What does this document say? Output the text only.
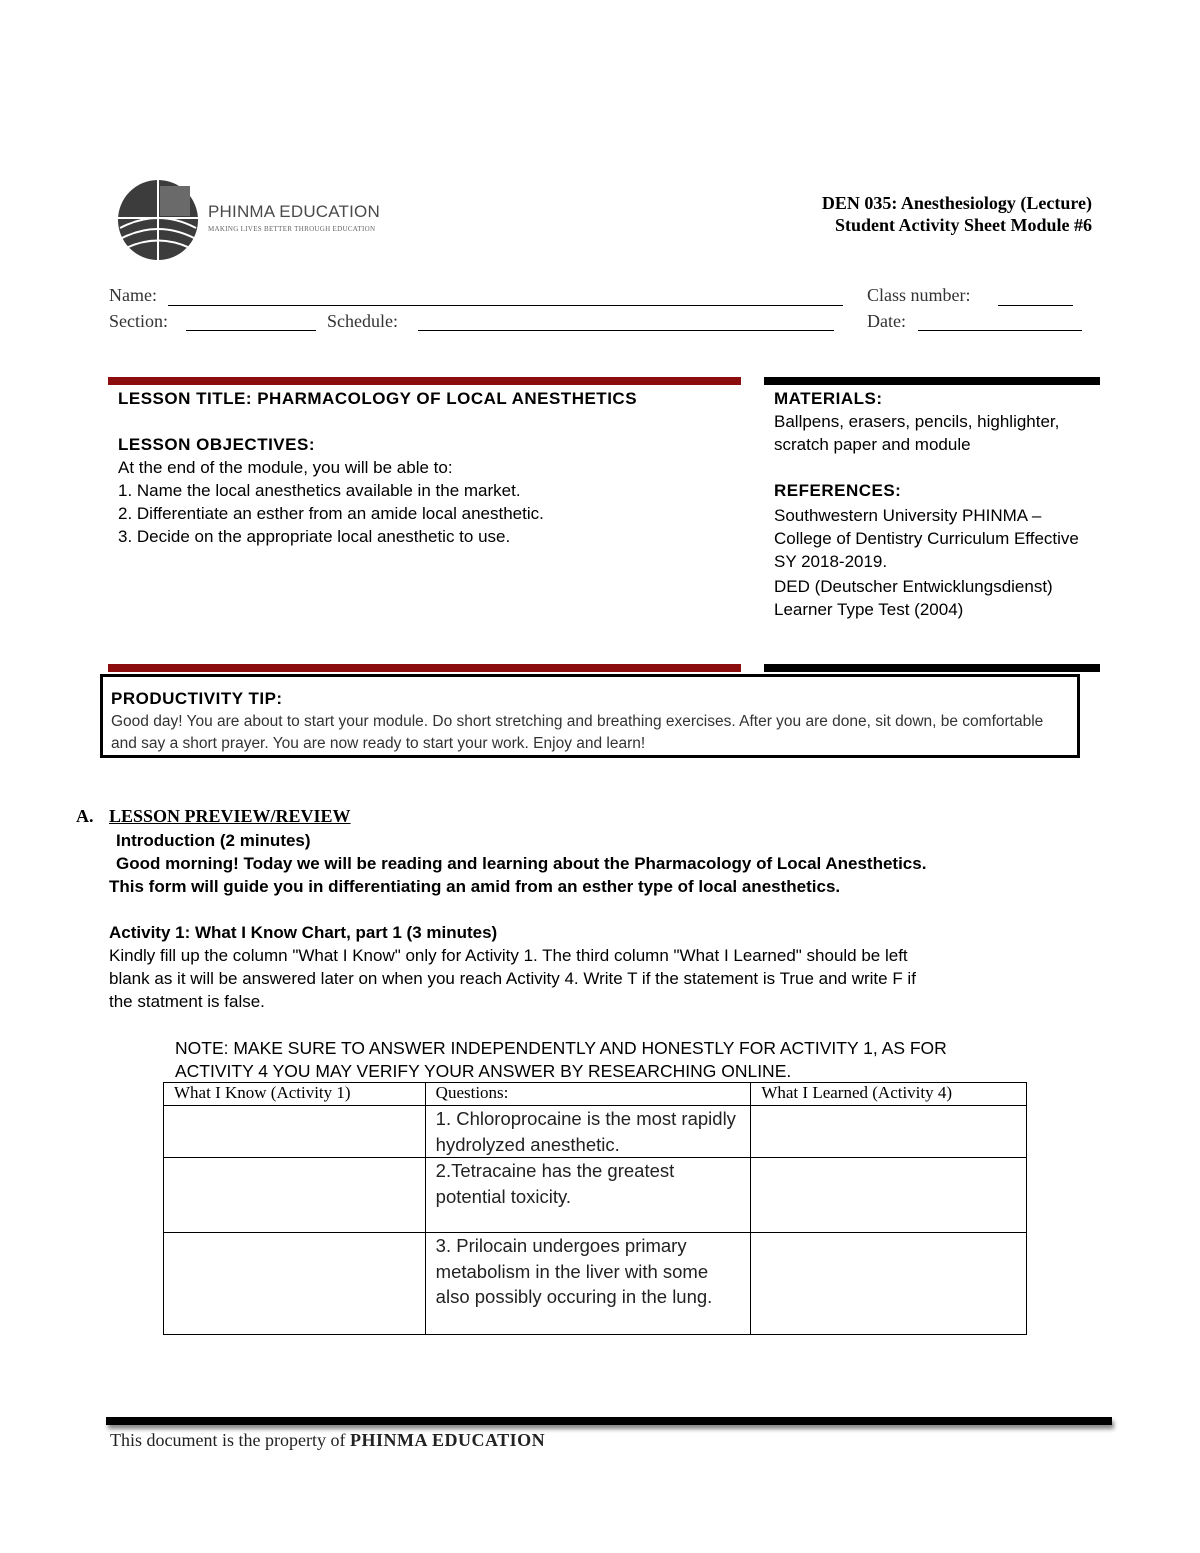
PHINMA EDUCATION
MAKING LIVES BETTER THROUGH EDUCATION
DEN 035: Anesthesiology (Lecture)
Student Activity Sheet Module #6
Name:	Class number:
Section:	Schedule:	Date:
LESSON TITLE: PHARMACOLOGY OF LOCAL ANESTHETICS
LESSON OBJECTIVES:
At the end of the module, you will be able to:
1. Name the local anesthetics available in the market.
2. Differentiate an esther from an amide local anesthetic.
3. Decide on the appropriate local anesthetic to use.
MATERIALS:
Ballpens, erasers, pencils, highlighter, scratch paper and module
REFERENCES:
Southwestern University PHINMA – College of Dentistry Curriculum Effective SY 2018-2019.
DED (Deutscher Entwicklungsdienst) Learner Type Test (2004)
PRODUCTIVITY TIP:
Good day! You are about to start your module. Do short stretching and breathing exercises. After you are done, sit down, be comfortable and say a short prayer. You are now ready to start your work. Enjoy and learn!
A. LESSON PREVIEW/REVIEW
Introduction (2 minutes)
Good morning! Today we will be reading and learning about the Pharmacology of Local Anesthetics.
This form will guide you in differentiating an amid from an esther type of local anesthetics.
Activity 1: What I Know Chart, part 1 (3 minutes)
Kindly fill up the column "What I Know" only for Activity 1. The third column "What I Learned" should be left
blank as it will be answered later on when you reach Activity 4. Write T if the statement is True and write F if
the statment is false.
NOTE: MAKE SURE TO ANSWER INDEPENDENTLY AND HONESTLY FOR ACTIVITY 1, AS FOR
ACTIVITY 4 YOU MAY VERIFY YOUR ANSWER BY RESEARCHING ONLINE.
What I Know (Activity 1)	Questions:	What I Learned (Activity 4)
	1. Chloroprocaine is the most rapidly hydrolyzed anesthetic.	
	2.Tetracaine has the greatest potential toxicity.	
	3. Prilocain undergoes primary metabolism in the liver with some also possibly occuring in the lung.	
This document is the property of PHINMA EDUCATION
